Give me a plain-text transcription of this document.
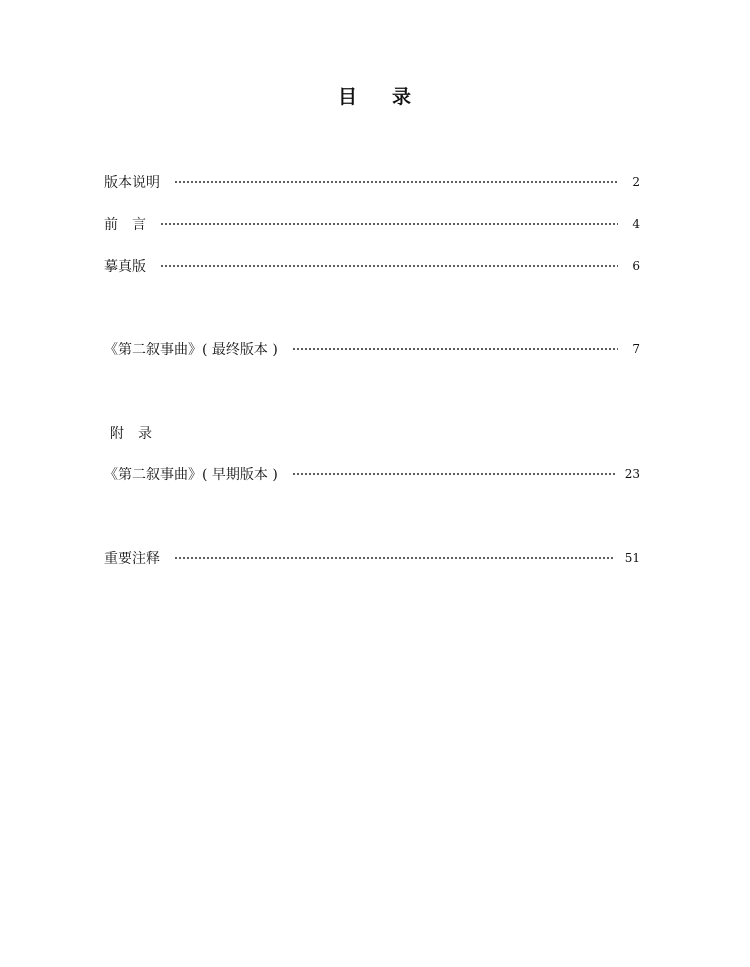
目 录
版本说明	2
前　言	4
摹真版	6
《第二叙事曲》( 最终版本 )	7
附　录
《第二叙事曲》( 早期版本 )	23
重要注释	51
